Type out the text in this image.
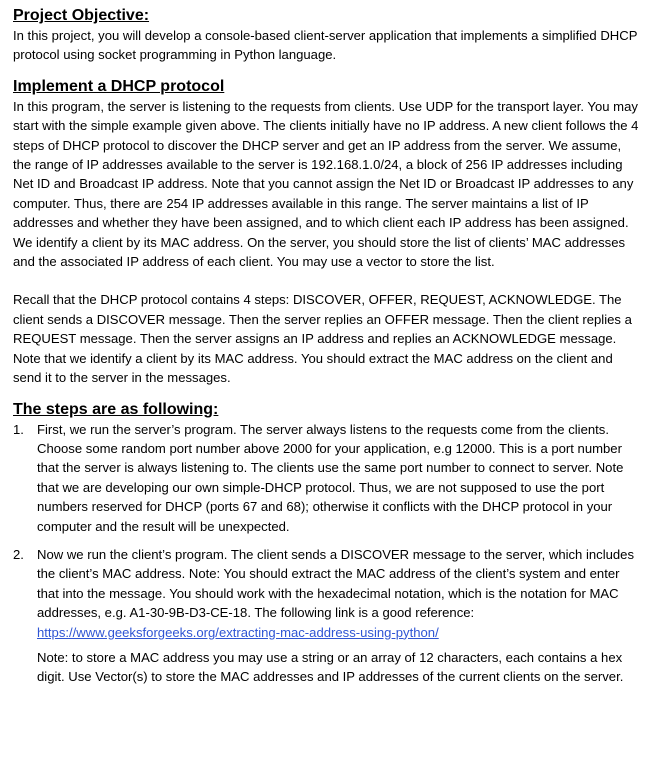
Project Objective:

In this project, you will develop a console-based client-server application that implements a simplified DHCP protocol using socket programming in Python language.

Implement a DHCP protocol

In this program, the server is listening to the requests from clients. Use UDP for the transport layer. You may start with the simple example given above. The clients initially have no IP address. A new client follows the 4 steps of DHCP protocol to discover the DHCP server and get an IP address from the server. We assume, the range of IP addresses available to the server is 192.168.1.0/24, a block of 256 IP addresses including Net ID and Broadcast IP address. Note that you cannot assign the Net ID or Broadcast IP addresses to any computer. Thus, there are 254 IP addresses available in this range. The server maintains a list of IP addresses and whether they have been assigned, and to which client each IP address has been assigned. We identify a client by its MAC address. On the server, you should store the list of clients’ MAC addresses and the associated IP address of each client. You may use a vector to store the list.

Recall that the DHCP protocol contains 4 steps: DISCOVER, OFFER, REQUEST, ACKNOWLEDGE. The client sends a DISCOVER message. Then the server replies an OFFER message. Then the client replies a REQUEST message. Then the server assigns an IP address and replies an ACKNOWLEDGE message. Note that we identify a client by its MAC address. You should extract the MAC address on the client and send it to the server in the messages.

The steps are as following:
1. First, we run the server’s program. The server always listens to the requests come from the clients. Choose some random port number above 2000 for your application, e.g 12000. This is a port number that the server is always listening to. The clients use the same port number to connect to server. Note that we are developing our own simple-DHCP protocol. Thus, we are not supposed to use the port numbers reserved for DHCP (ports 67 and 68); otherwise it conflicts with the DHCP protocol in your computer and the result will be unexpected.
2. Now we run the client’s program. The client sends a DISCOVER message to the server, which includes the client’s MAC address. Note: You should extract the MAC address of the client’s system and enter that into the message. You should work with the hexadecimal notation, which is the notation for MAC addresses, e.g. A1-30-9B-D3-CE-18. The following link is a good reference: https://www.geeksforgeeks.org/extracting-mac-address-using-python/
Note: to store a MAC address you may use a string or an array of 12 characters, each contains a hex digit. Use Vector(s) to store the MAC addresses and IP addresses of the current clients on the server.
